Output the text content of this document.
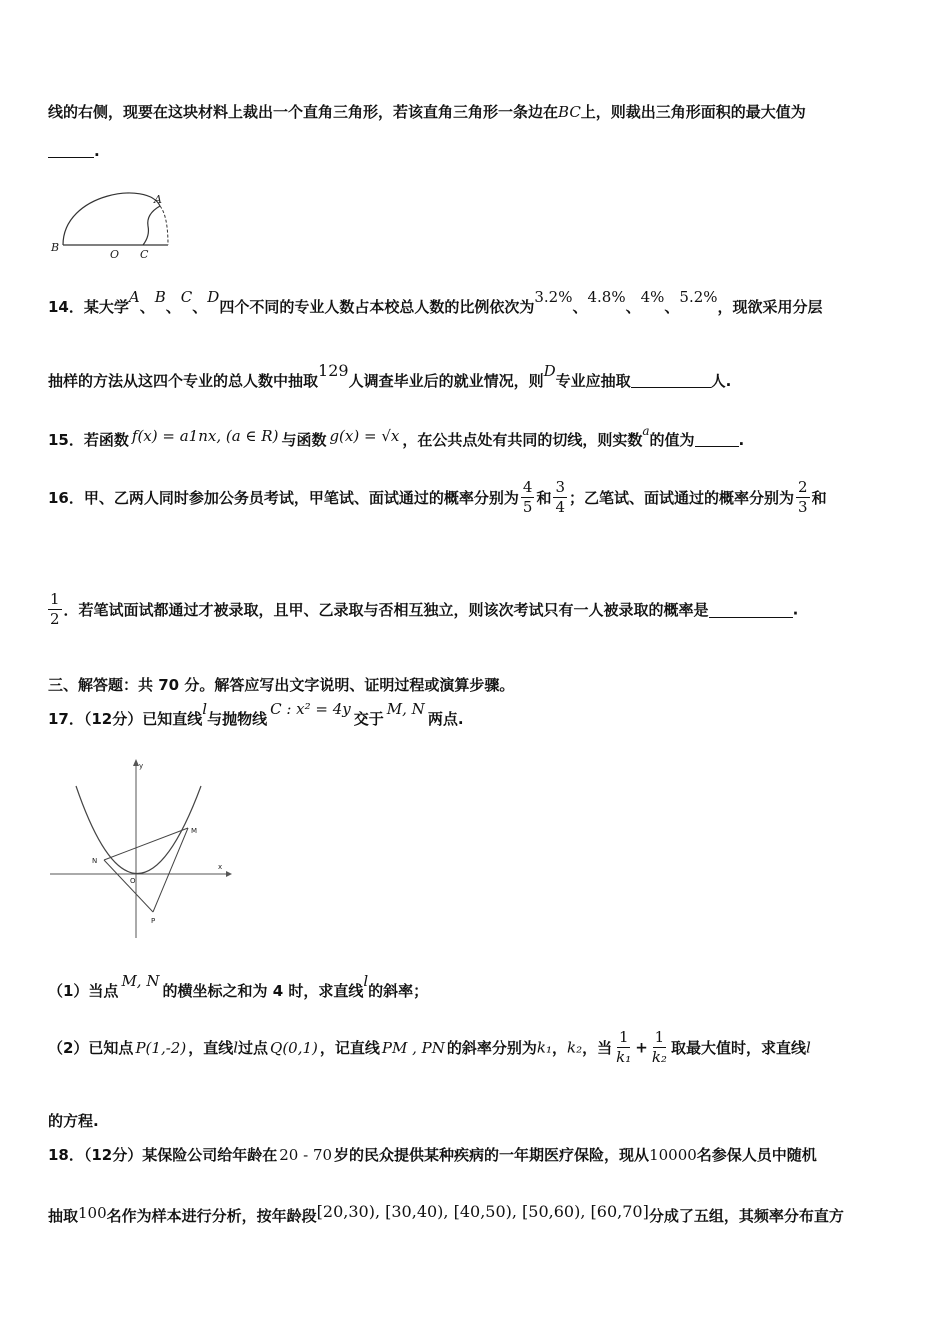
线的右侧，现要在这块材料上裁出一个直角三角形，若该直角三角形一条边在BC上，则裁出三角形面积的最大值为
.
A
B
O C
14．某大学A、B、C、D四个不同的专业人数占本校总人数的比例依次为3.2%、4.8%、4%、5.2%，现欲采用分层
抽样的方法从这四个专业的总人数中抽取129人调查毕业后的就业情况，则D专业应抽取	人.
15．若函数 f(x) = a1nx, (a ∈ R) 与函数 g(x) = √x ，在公共点处有共同的切线，则实数$^a$的值为	.
16．甲、乙两人同时参加公务员考试，甲笔试、面试通过的概率分别为 $\frac{4}{5}$ 和 $\frac{3}{4}$ ；乙笔试、面试通过的概率分别为 $\frac{2}{3}$ 和
$\frac{1}{2}$ ．若笔试面试都通过才被录取，且甲、乙录取与否相互独立，则该次考试只有一人被录取的概率是	.
三、解答题：共 70 分。解答应写出文字说明、证明过程或演算步骤。
17．（12分）已知直线l与抛物线C : x² = 4y交于M, N两点.
y
x
M
N
O
P
（1）当点M, N的横坐标之和为 4 时，求直线l的斜率；
（2）已知点 P(1,-2) ，直线l过点 Q(0,1) ，记直线 PM , PN 的斜率分别为k₁，k₂，当 $\frac{1}{\text{k₁}} + \frac{1}{\text{k₂}}$ 取最大值时，求直线l
的方程.
18．（12分）某保险公司给年龄在 20 - 70 岁的民众提供某种疾病的一年期医疗保险，现从10000名参保人员中随机
抽取100名作为样本进行分析，按年龄段[20,30), [30,40), [40,50), [50,60), [60,70]分成了五组，其频率分布直方
